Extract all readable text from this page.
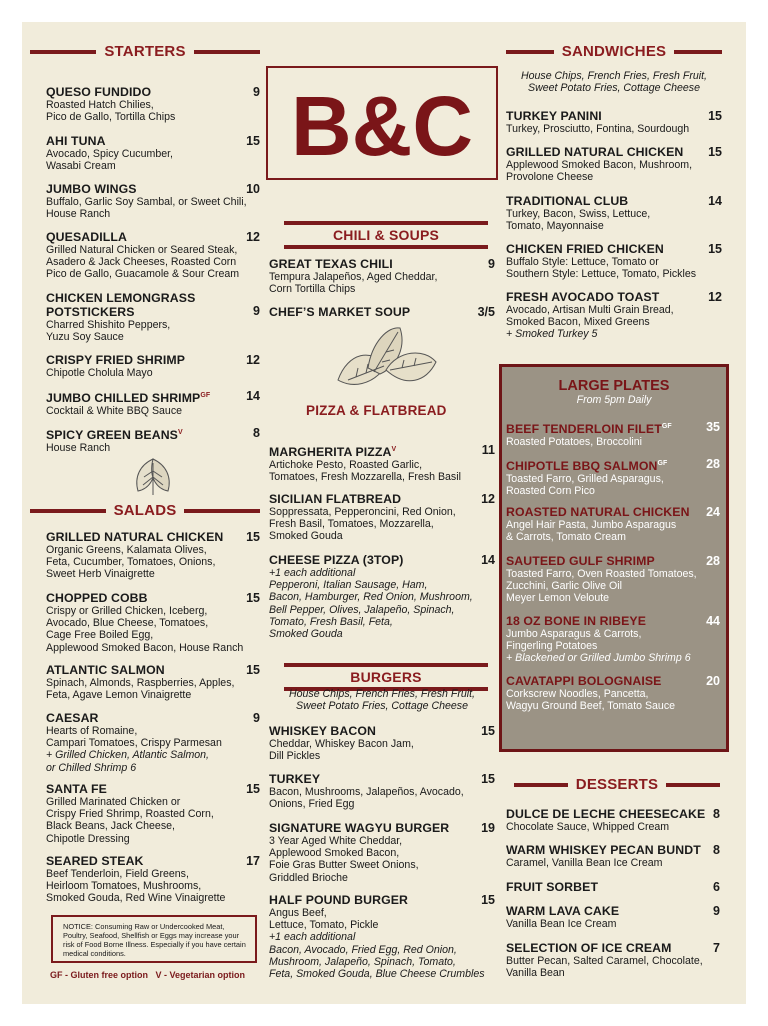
STARTERS
QUESO FUNDIDO	9
Roasted Hatch Chilies,
Pico de Gallo, Tortilla Chips
AHI TUNA	15
Avocado, Spicy Cucumber,
Wasabi Cream
JUMBO WINGS	10
Buffalo, Garlic Soy Sambal, or Sweet Chili,
House Ranch
QUESADILLA	12
Grilled Natural Chicken or Seared Steak,
Asadero & Jack Cheeses, Roasted Corn
Pico de Gallo, Guacamole & Sour Cream
CHICKEN LEMONGRASS
POTSTICKERS	9
Charred Shishito Peppers,
Yuzu Soy Sauce
CRISPY FRIED SHRIMP	12
Chipotle Cholula Mayo
JUMBO CHILLED $SHRIMP^{GF}$	14
Cocktail & White BBQ Sauce
SPICY GREEN $BEANS^V$	8
House Ranch
SALADS
GRILLED NATURAL CHICKEN	15
Organic Greens, Kalamata Olives,
Feta, Cucumber, Tomatoes, Onions,
Sweet Herb Vinaigrette
CHOPPED COBB	15
Crispy or Grilled Chicken, Iceberg,
Avocado, Blue Cheese, Tomatoes,
Cage Free Boiled Egg,
Applewood Smoked Bacon, House Ranch
ATLANTIC SALMON	15
Spinach, Almonds, Raspberries, Apples,
Feta, Agave Lemon Vinaigrette
CAESAR	9
Hearts of Romaine,
Campari Tomatoes, Crispy Parmesan
+ Grilled Chicken, Atlantic Salmon,
or Chilled Shrimp 6
SANTA FE	15
Grilled Marinated Chicken or
Crispy Fried Shrimp, Roasted Corn,
Black Beans, Jack Cheese,
Chipotle Dressing
SEARED STEAK	17
Beef Tenderloin, Field Greens,
Heirloom Tomatoes, Mushrooms,
Smoked Gouda, Red Wine Vinaigrette
NOTICE: Consuming Raw or Undercooked Meat, Poultry, Seafood, Shellfish or Eggs may increase your risk of Food Borne Illness. Especially if you have certain medical conditions.
GF - Gluten free option   V - Vegetarian option
B&C
CHILI & SOUPS
GREAT TEXAS CHILI	9
Tempura Jalapeños, Aged Cheddar,
Corn Tortilla Chips
CHEF’S MARKET SOUP	3/5
PIZZA & FLATBREAD
MARGHERITA $PIZZA^V$	11
Artichoke Pesto, Roasted Garlic,
Tomatoes, Fresh Mozzarella, Fresh Basil
SICILIAN FLATBREAD	12
Soppressata, Pepperoncini, Red Onion,
Fresh Basil, Tomatoes, Mozzarella,
Smoked Gouda
CHEESE PIZZA (3TOP)	14
+1 each additional
Pepperoni, Italian Sausage, Ham,
Bacon, Hamburger, Red Onion, Mushroom,
Bell Pepper, Olives, Jalapeño, Spinach,
Tomato, Fresh Basil, Feta,
Smoked Gouda
BURGERS
House Chips, French Fries, Fresh Fruit,
Sweet Potato Fries, Cottage Cheese
WHISKEY BACON	15
Cheddar, Whiskey Bacon Jam,
Dill Pickles
TURKEY	15
Bacon, Mushrooms, Jalapeños, Avocado,
Onions, Fried Egg
SIGNATURE WAGYU BURGER	19
3 Year Aged White Cheddar,
Applewood Smoked Bacon,
Foie Gras Butter Sweet Onions,
Griddled Brioche
HALF POUND BURGER	15
Angus Beef,
Lettuce, Tomato, Pickle
+1 each additional
Bacon, Avocado, Fried Egg, Red Onion,
Mushroom, Jalapeño, Spinach, Tomato,
Feta, Smoked Gouda, Blue Cheese Crumbles
SANDWICHES
House Chips, French Fries, Fresh Fruit,
Sweet Potato Fries, Cottage Cheese
TURKEY PANINI	15
Turkey, Prosciutto, Fontina, Sourdough
GRILLED NATURAL CHICKEN	15
Applewood Smoked Bacon, Mushroom,
Provolone Cheese
TRADITIONAL CLUB	14
Turkey, Bacon, Swiss, Lettuce,
Tomato, Mayonnaise
CHICKEN FRIED CHICKEN	15
Buffalo Style: Lettuce, Tomato or
Southern Style: Lettuce, Tomato, Pickles
FRESH AVOCADO TOAST	12
Avocado, Artisan Multi Grain Bread,
Smoked Bacon, Mixed Greens
+ Smoked Turkey 5
LARGE PLATES
From 5pm Daily
BEEF TENDERLOIN $FILET^{GF}$	35
Roasted Potatoes, Broccolini
CHIPOTLE BBQ $SALMON^{GF}$	28
Toasted Farro, Grilled Asparagus,
Roasted Corn Pico
ROASTED NATURAL CHICKEN	24
Angel Hair Pasta, Jumbo Asparagus
& Carrots, Tomato Cream
SAUTEED GULF SHRIMP	28
Toasted Farro, Oven Roasted Tomatoes,
Zucchini, Garlic Olive Oil
Meyer Lemon Veloute
18 OZ BONE IN RIBEYE	44
Jumbo Asparagus & Carrots,
Fingerling Potatoes
+ Blackened or Grilled Jumbo Shrimp 6
CAVATAPPI BOLOGNAISE	20
Corkscrew Noodles, Pancetta,
Wagyu Ground Beef, Tomato Sauce
DESSERTS
DULCE DE LECHE CHEESECAKE 8
Chocolate Sauce, Whipped Cream
WARM WHISKEY PECAN BUNDT 8
Caramel, Vanilla Bean Ice Cream
FRUIT SORBET	6
WARM LAVA CAKE	9
Vanilla Bean Ice Cream
SELECTION OF ICE CREAM	7
Butter Pecan, Salted Caramel, Chocolate,
Vanilla Bean
